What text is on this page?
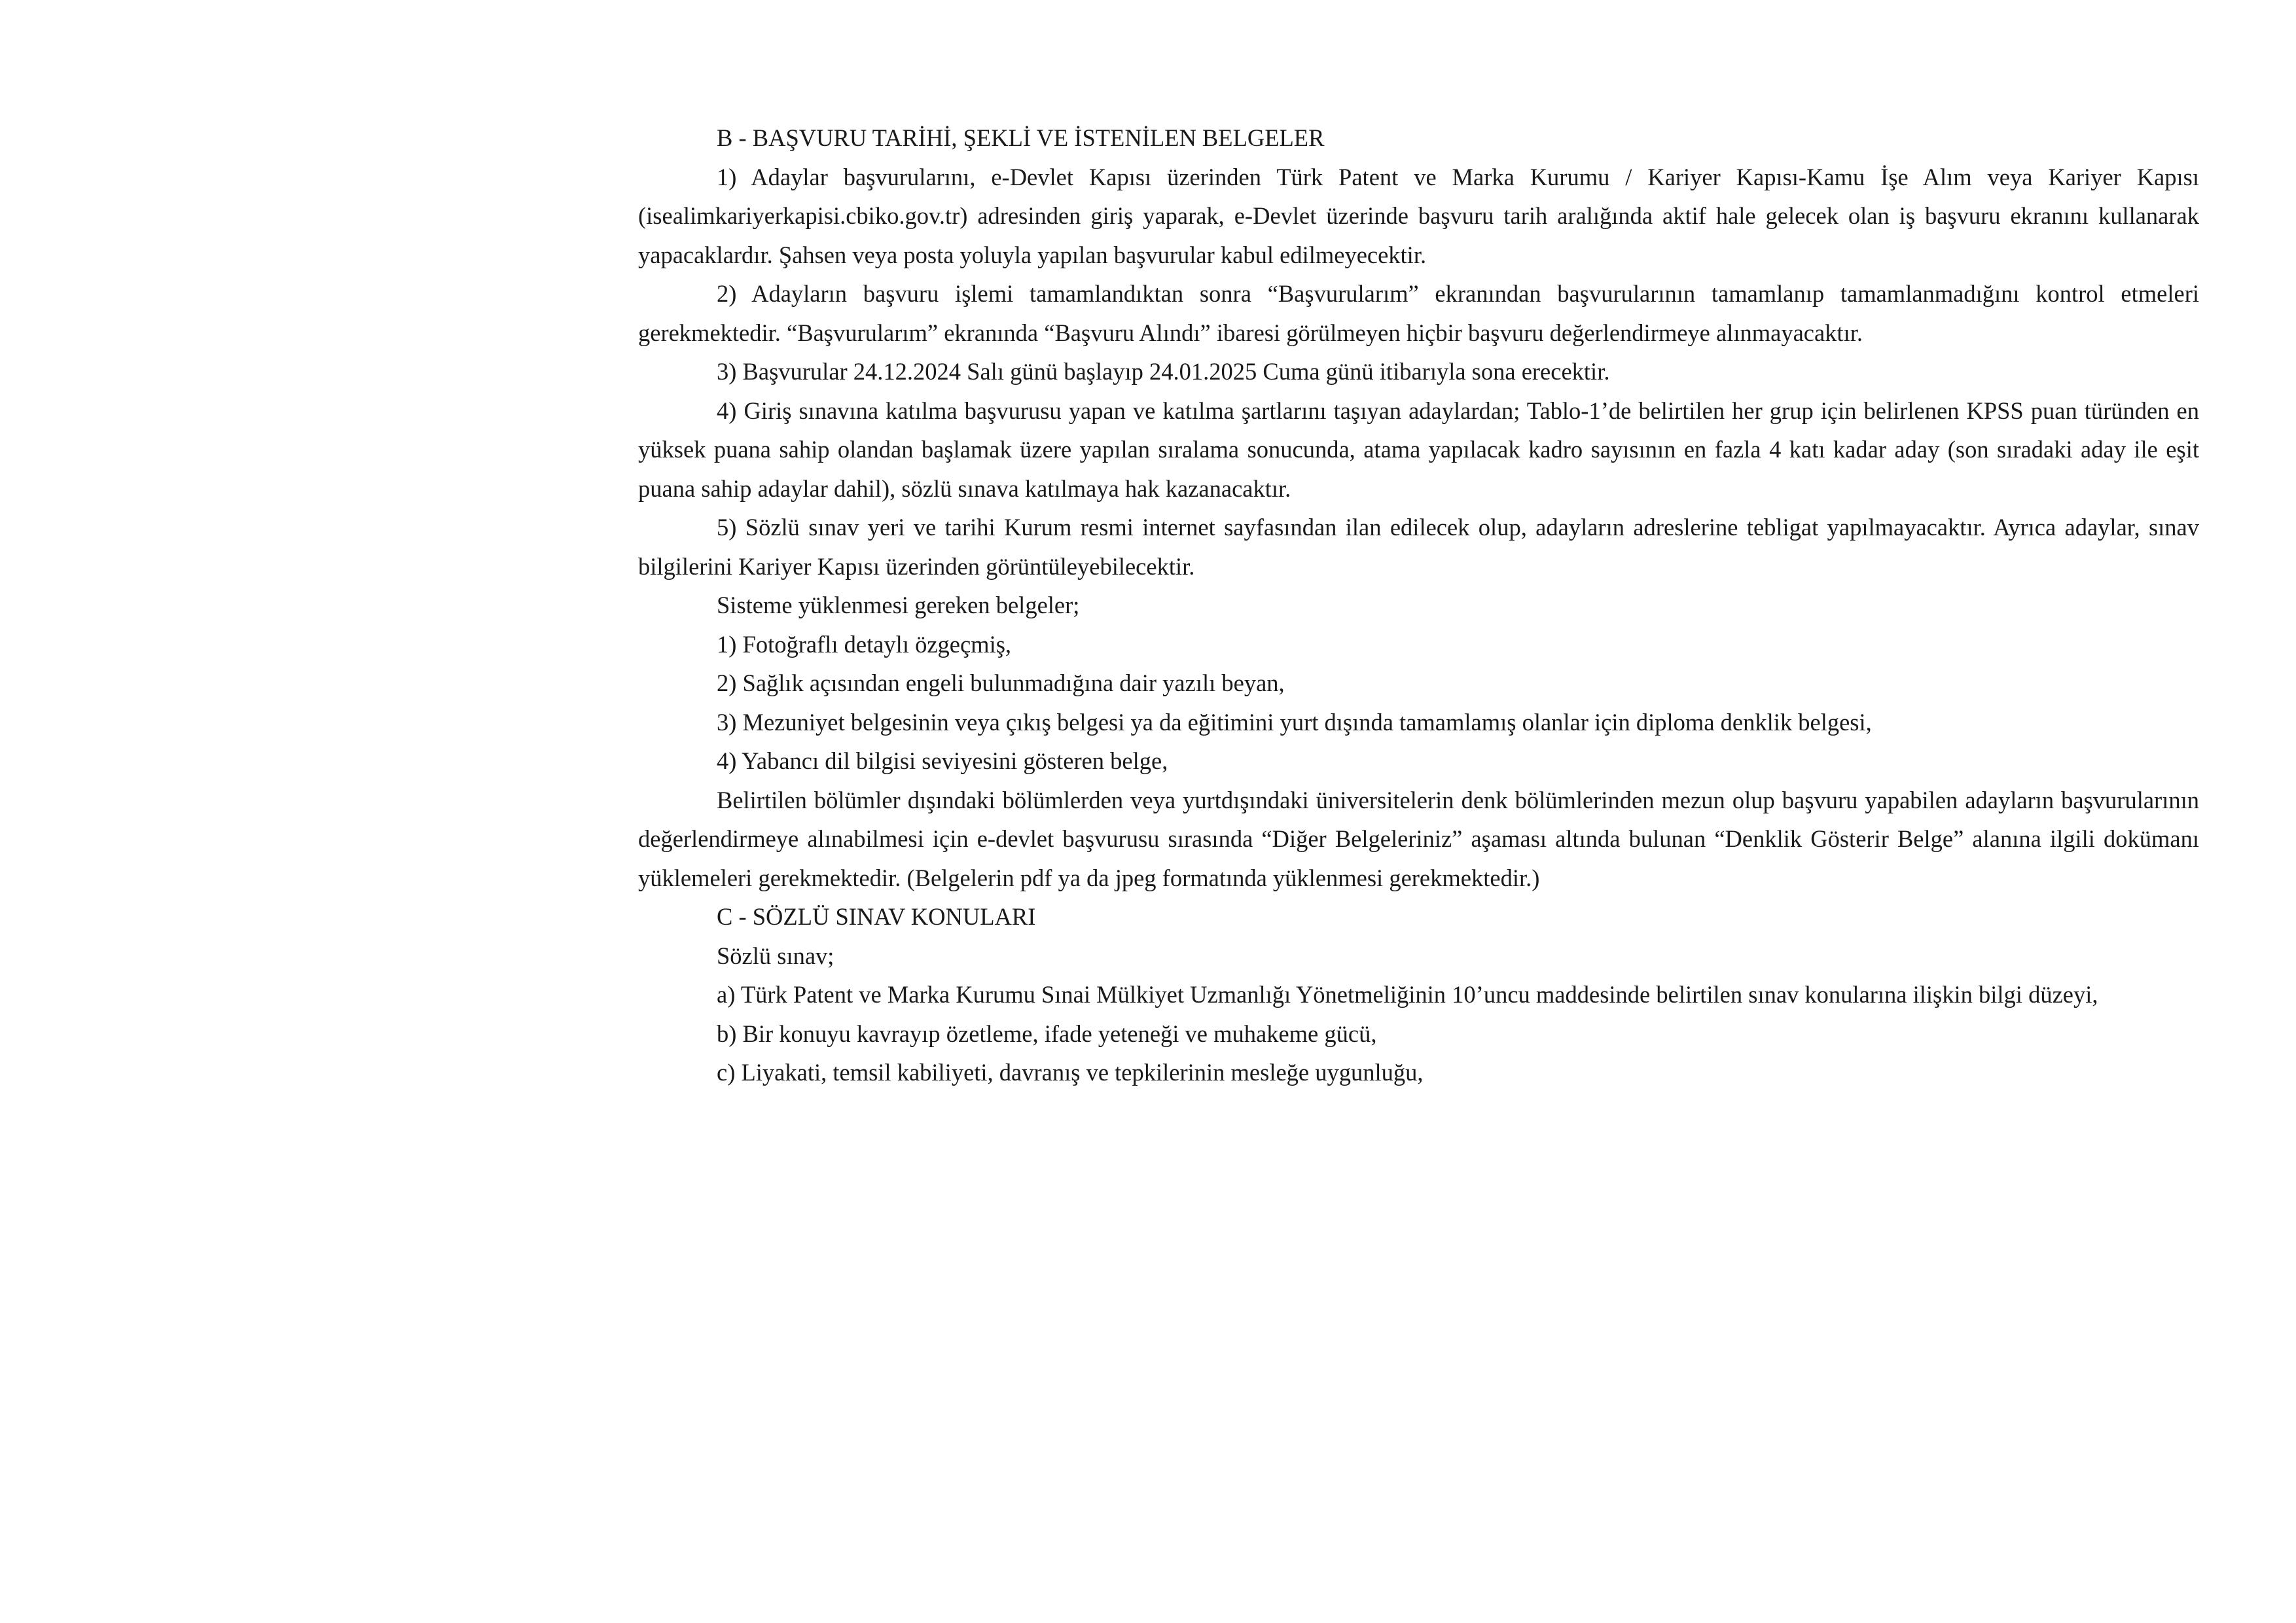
B - BAŞVURU TARİHİ, ŞEKLİ VE İSTENİLEN BELGELER

1) Adaylar başvurularını, e-Devlet Kapısı üzerinden Türk Patent ve Marka Kurumu / Kariyer Kapısı-Kamu İşe Alım veya Kariyer Kapısı (isealimkariyerkapisi.cbiko.gov.tr) adresinden giriş yaparak, e-Devlet üzerinde başvuru tarih aralığında aktif hale gelecek olan iş başvuru ekranını kullanarak yapacaklardır. Şahsen veya posta yoluyla yapılan başvurular kabul edilmeyecektir.

2) Adayların başvuru işlemi tamamlandıktan sonra “Başvurularım” ekranından başvurularının tamamlanıp tamamlanmadığını kontrol etmeleri gerekmektedir. “Başvurularım” ekranında “Başvuru Alındı” ibaresi görülmeyen hiçbir başvuru değerlendirmeye alınmayacaktır.

3) Başvurular 24.12.2024 Salı günü başlayıp 24.01.2025 Cuma günü itibarıyla sona erecektir.

4) Giriş sınavına katılma başvurusu yapan ve katılma şartlarını taşıyan adaylardan; Tablo-1’de belirtilen her grup için belirlenen KPSS puan türünden en yüksek puana sahip olandan başlamak üzere yapılan sıralama sonucunda, atama yapılacak kadro sayısının en fazla 4 katı kadar aday (son sıradaki aday ile eşit puana sahip adaylar dahil), sözlü sınava katılmaya hak kazanacaktır.

5) Sözlü sınav yeri ve tarihi Kurum resmi internet sayfasından ilan edilecek olup, adayların adreslerine tebligat yapılmayacaktır. Ayrıca adaylar, sınav bilgilerini Kariyer Kapısı üzerinden görüntüleyebilecektir.

Sisteme yüklenmesi gereken belgeler;

1) Fotoğraflı detaylı özgeçmiş,

2) Sağlık açısından engeli bulunmadığına dair yazılı beyan,

3) Mezuniyet belgesinin veya çıkış belgesi ya da eğitimini yurt dışında tamamlamış olanlar için diploma denklik belgesi,

4) Yabancı dil bilgisi seviyesini gösteren belge,

Belirtilen bölümler dışındaki bölümlerden veya yurtdışındaki üniversitelerin denk bölümlerinden mezun olup başvuru yapabilen adayların başvurularının değerlendirmeye alınabilmesi için e-devlet başvurusu sırasında “Diğer Belgeleriniz” aşaması altında bulunan “Denklik Gösterir Belge” alanına ilgili dokümanı yüklemeleri gerekmektedir. (Belgelerin pdf ya da jpeg formatında yüklenmesi gerekmektedir.)

C - SÖZLÜ SINAV KONULARI

Sözlü sınav;

a) Türk Patent ve Marka Kurumu Sınai Mülkiyet Uzmanlığı Yönetmeliğinin 10’uncu maddesinde belirtilen sınav konularına ilişkin bilgi düzeyi,

b) Bir konuyu kavrayıp özetleme, ifade yeteneği ve muhakeme gücü,

c) Liyakati, temsil kabiliyeti, davranış ve tepkilerinin mesleğe uygunluğu,
